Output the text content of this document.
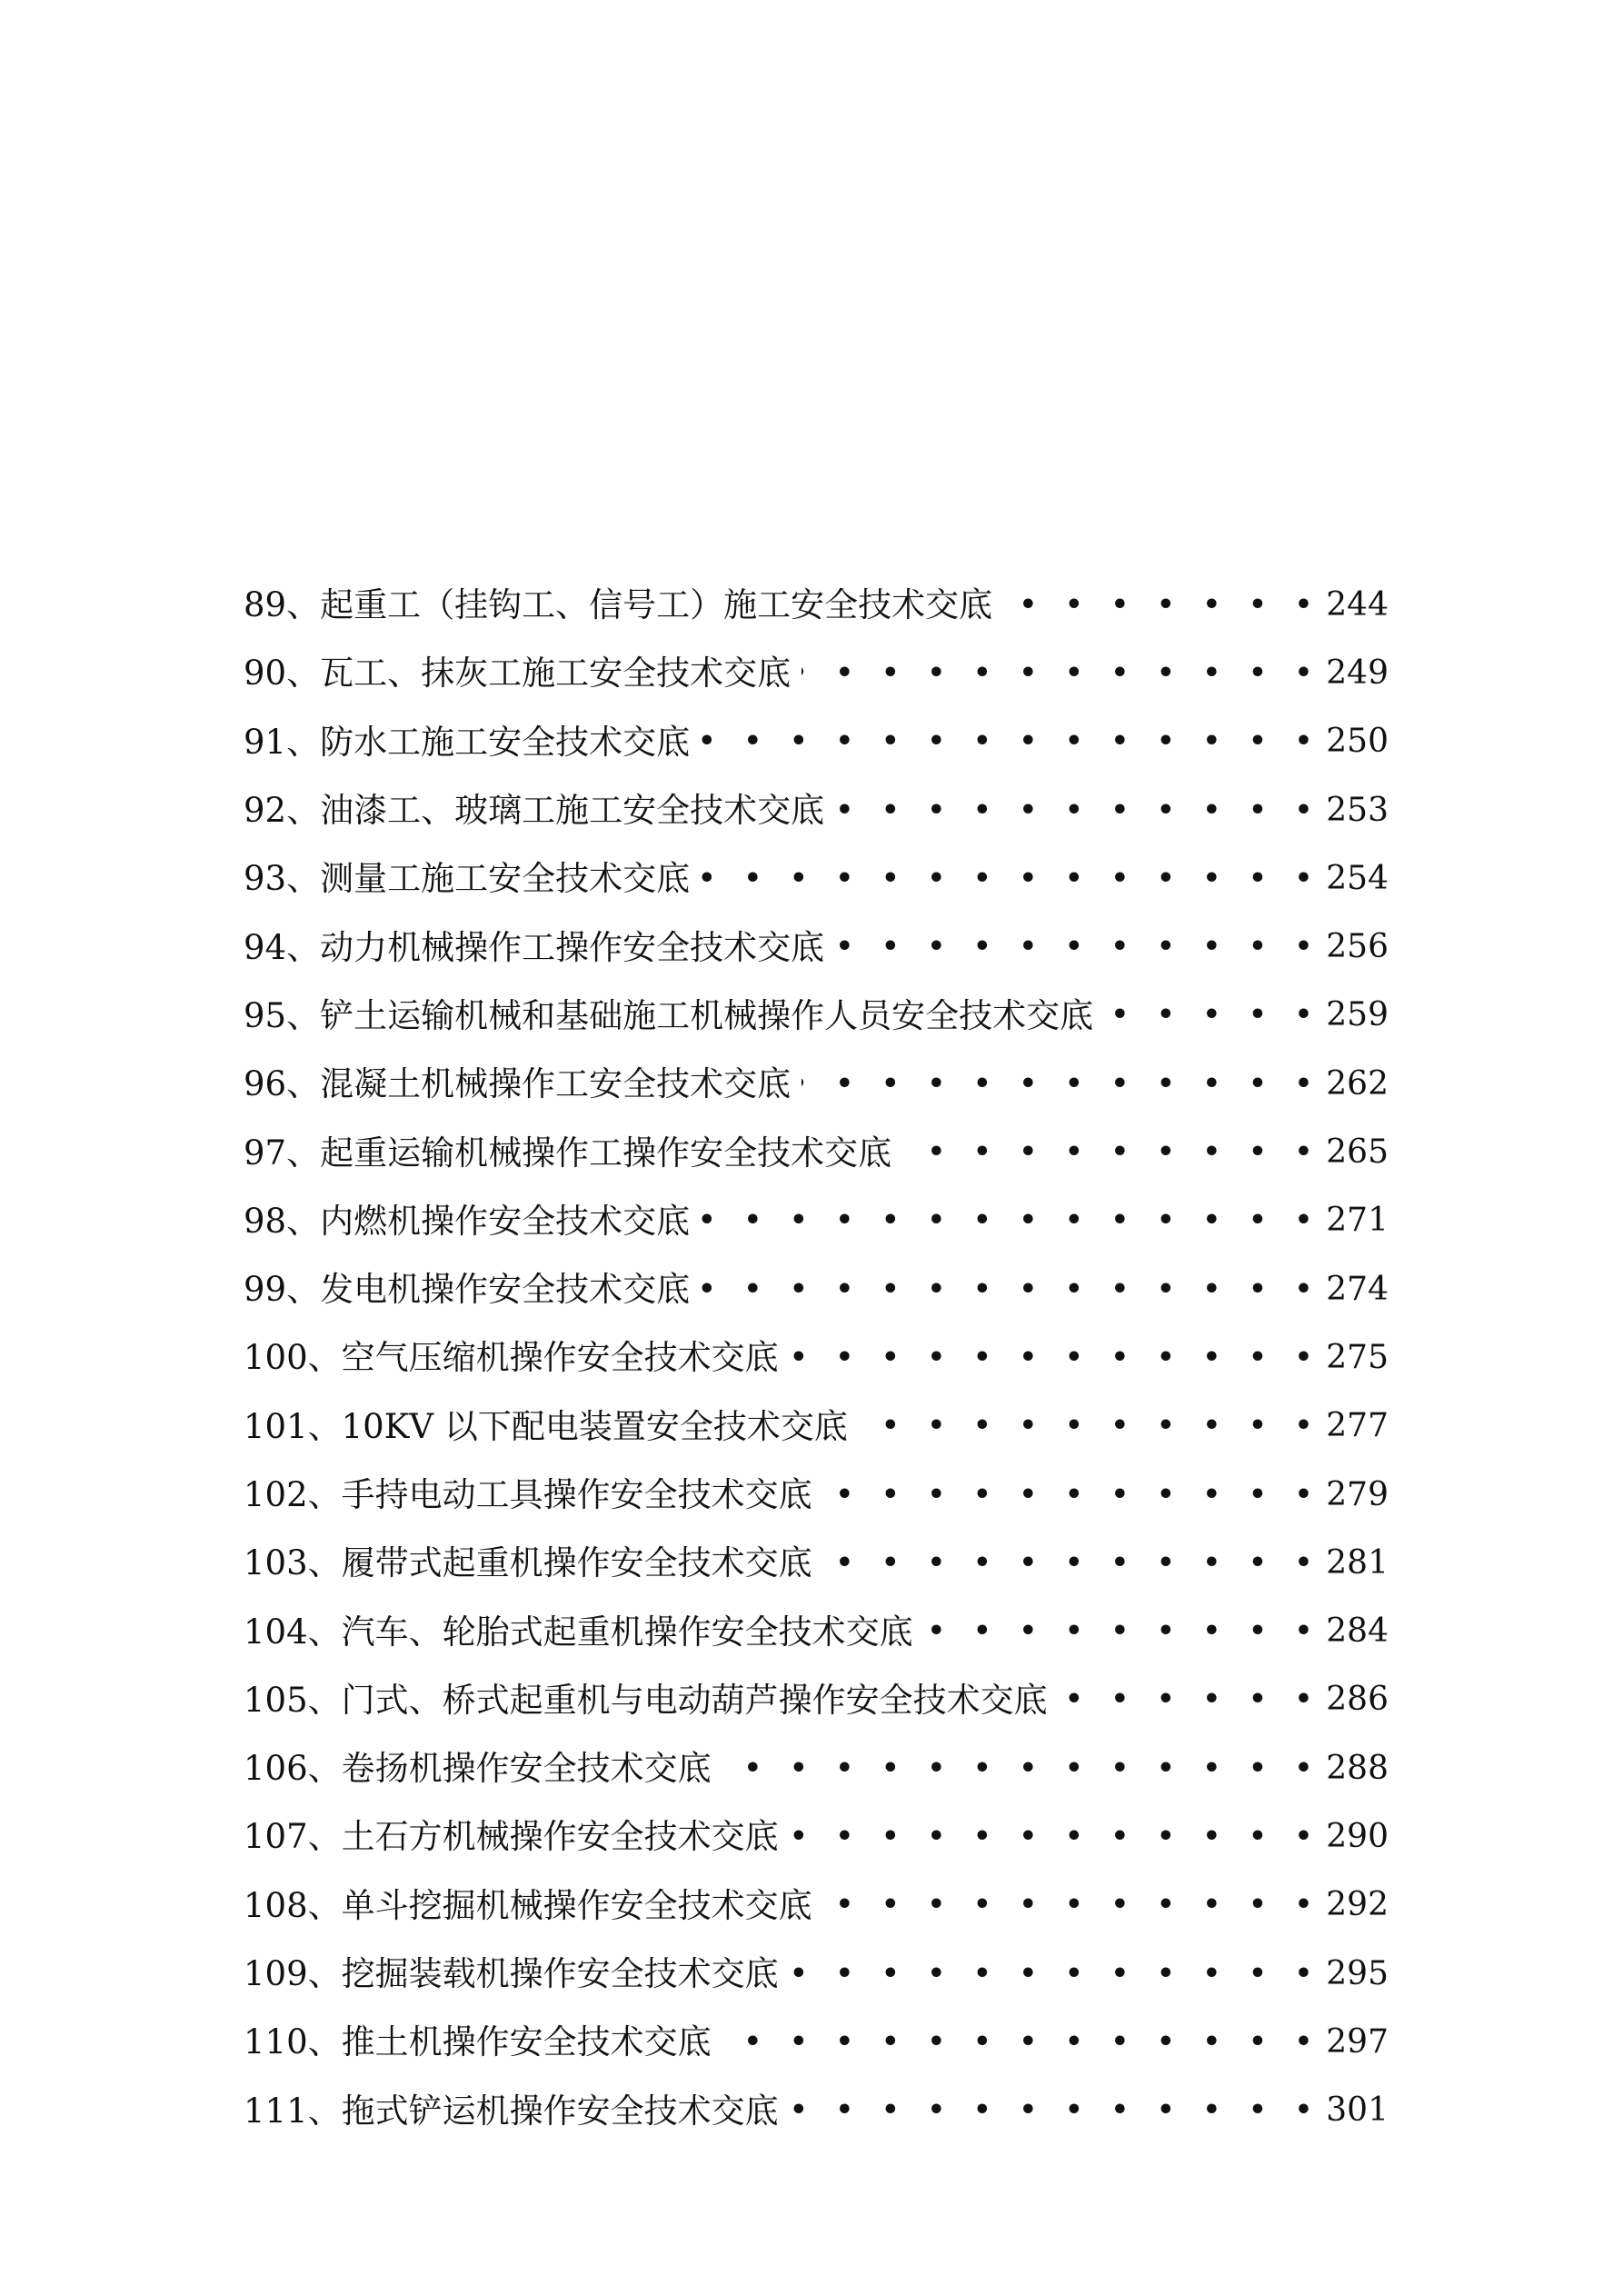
89、起重工（挂钩工、信号工）施工安全技术交底 •   •	244
90、瓦工、抹灰工施工安全技术交底 •   •	249
91、防水工施工安全技术交底 •   •	250
92、油漆工、玻璃工施工安全技术交底 •   •	253
93、测量工施工安全技术交底 •   •	254
94、动力机械操作工操作安全技术交底 •   •	256
95、铲土运输机械和基础施工机械操作人员安全技术交底 •   •	259
96、混凝土机械操作工安全技术交底 •   •	262
97、起重运输机械操作工操作安全技术交底 •   •	265
98、内燃机操作安全技术交底 •   •	271
99、发电机操作安全技术交底 •   •	274
100、空气压缩机操作安全技术交底 •   •	275
101、10KV 以下配电装置安全技术交底 •   •	277
102、手持电动工具操作安全技术交底 •   •	279
103、履带式起重机操作安全技术交底 •   •	281
104、汽车、轮胎式起重机操作安全技术交底 •   •	284
105、门式、桥式起重机与电动葫芦操作安全技术交底 •   •	286
106、卷扬机操作安全技术交底 •   •	288
107、土石方机械操作安全技术交底 •   •	290
108、单斗挖掘机械操作安全技术交底 •   •	292
109、挖掘装载机操作安全技术交底 •   •	295
110、推土机操作安全技术交底 •   •	297
111、拖式铲运机操作安全技术交底 •   •	301
